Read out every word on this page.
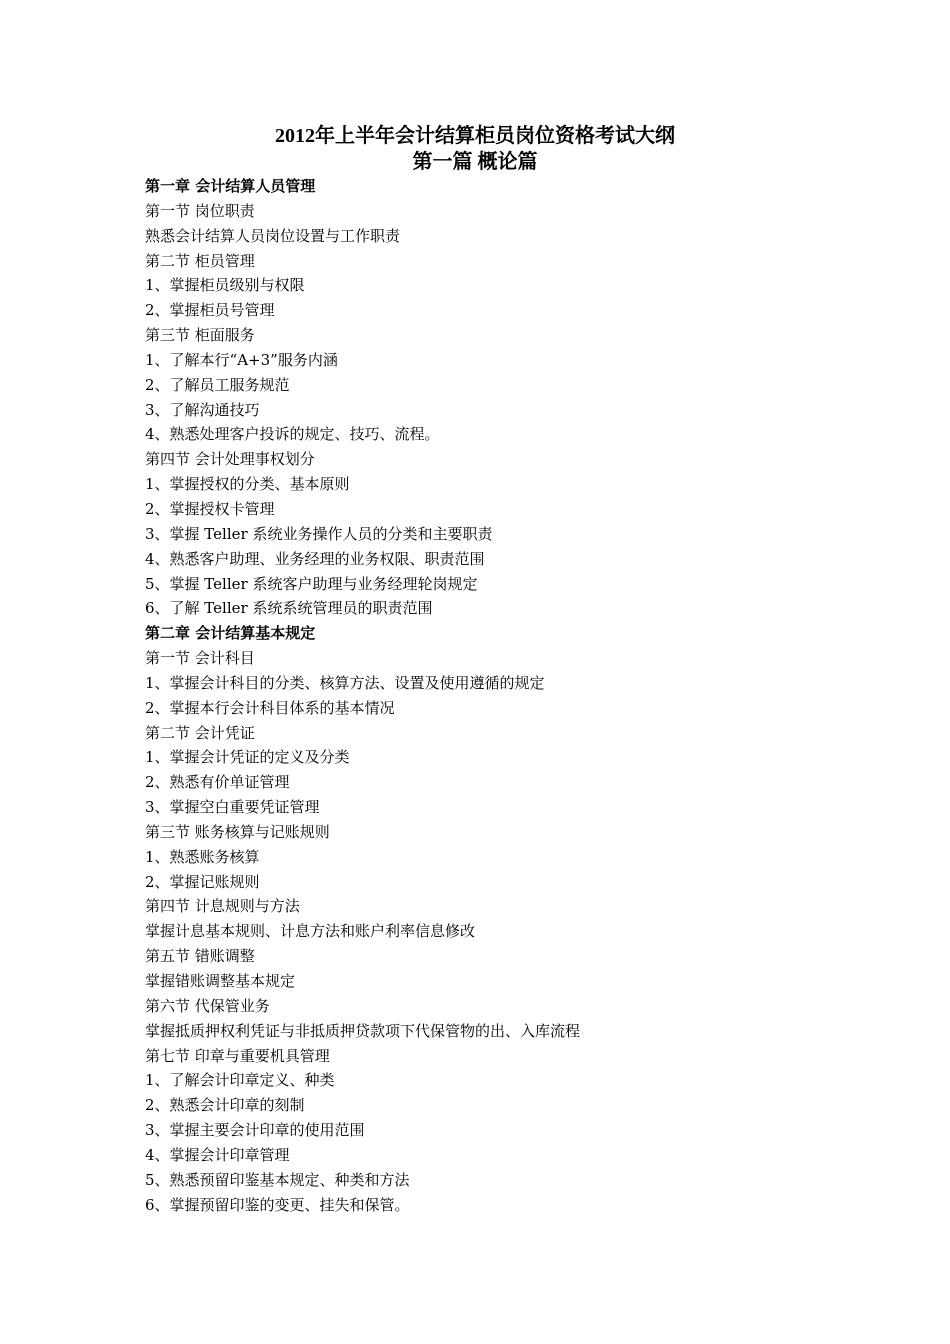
2012年上半年会计结算柜员岗位资格考试大纲
第一篇 概论篇
第一章 会计结算人员管理
第一节 岗位职责
熟悉会计结算人员岗位设置与工作职责
第二节 柜员管理
1、掌握柜员级别与权限
2、掌握柜员号管理
第三节 柜面服务
1、了解本行“A+3”服务内涵
2、了解员工服务规范
3、了解沟通技巧
4、熟悉处理客户投诉的规定、技巧、流程。
第四节 会计处理事权划分
1、掌握授权的分类、基本原则
2、掌握授权卡管理
3、掌握 Teller 系统业务操作人员的分类和主要职责
4、熟悉客户助理、业务经理的业务权限、职责范围
5、掌握 Teller 系统客户助理与业务经理轮岗规定
6、了解 Teller 系统系统管理员的职责范围
第二章 会计结算基本规定
第一节 会计科目
1、掌握会计科目的分类、核算方法、设置及使用遵循的规定
2、掌握本行会计科目体系的基本情况
第二节 会计凭证
1、掌握会计凭证的定义及分类
2、熟悉有价单证管理
3、掌握空白重要凭证管理
第三节 账务核算与记账规则
1、熟悉账务核算
2、掌握记账规则
第四节 计息规则与方法
掌握计息基本规则、计息方法和账户利率信息修改
第五节 错账调整
掌握错账调整基本规定
第六节 代保管业务
掌握抵质押权利凭证与非抵质押贷款项下代保管物的出、入库流程
第七节 印章与重要机具管理
1、了解会计印章定义、种类
2、熟悉会计印章的刻制
3、掌握主要会计印章的使用范围
4、掌握会计印章管理
5、熟悉预留印鉴基本规定、种类和方法
6、掌握预留印鉴的变更、挂失和保管。
